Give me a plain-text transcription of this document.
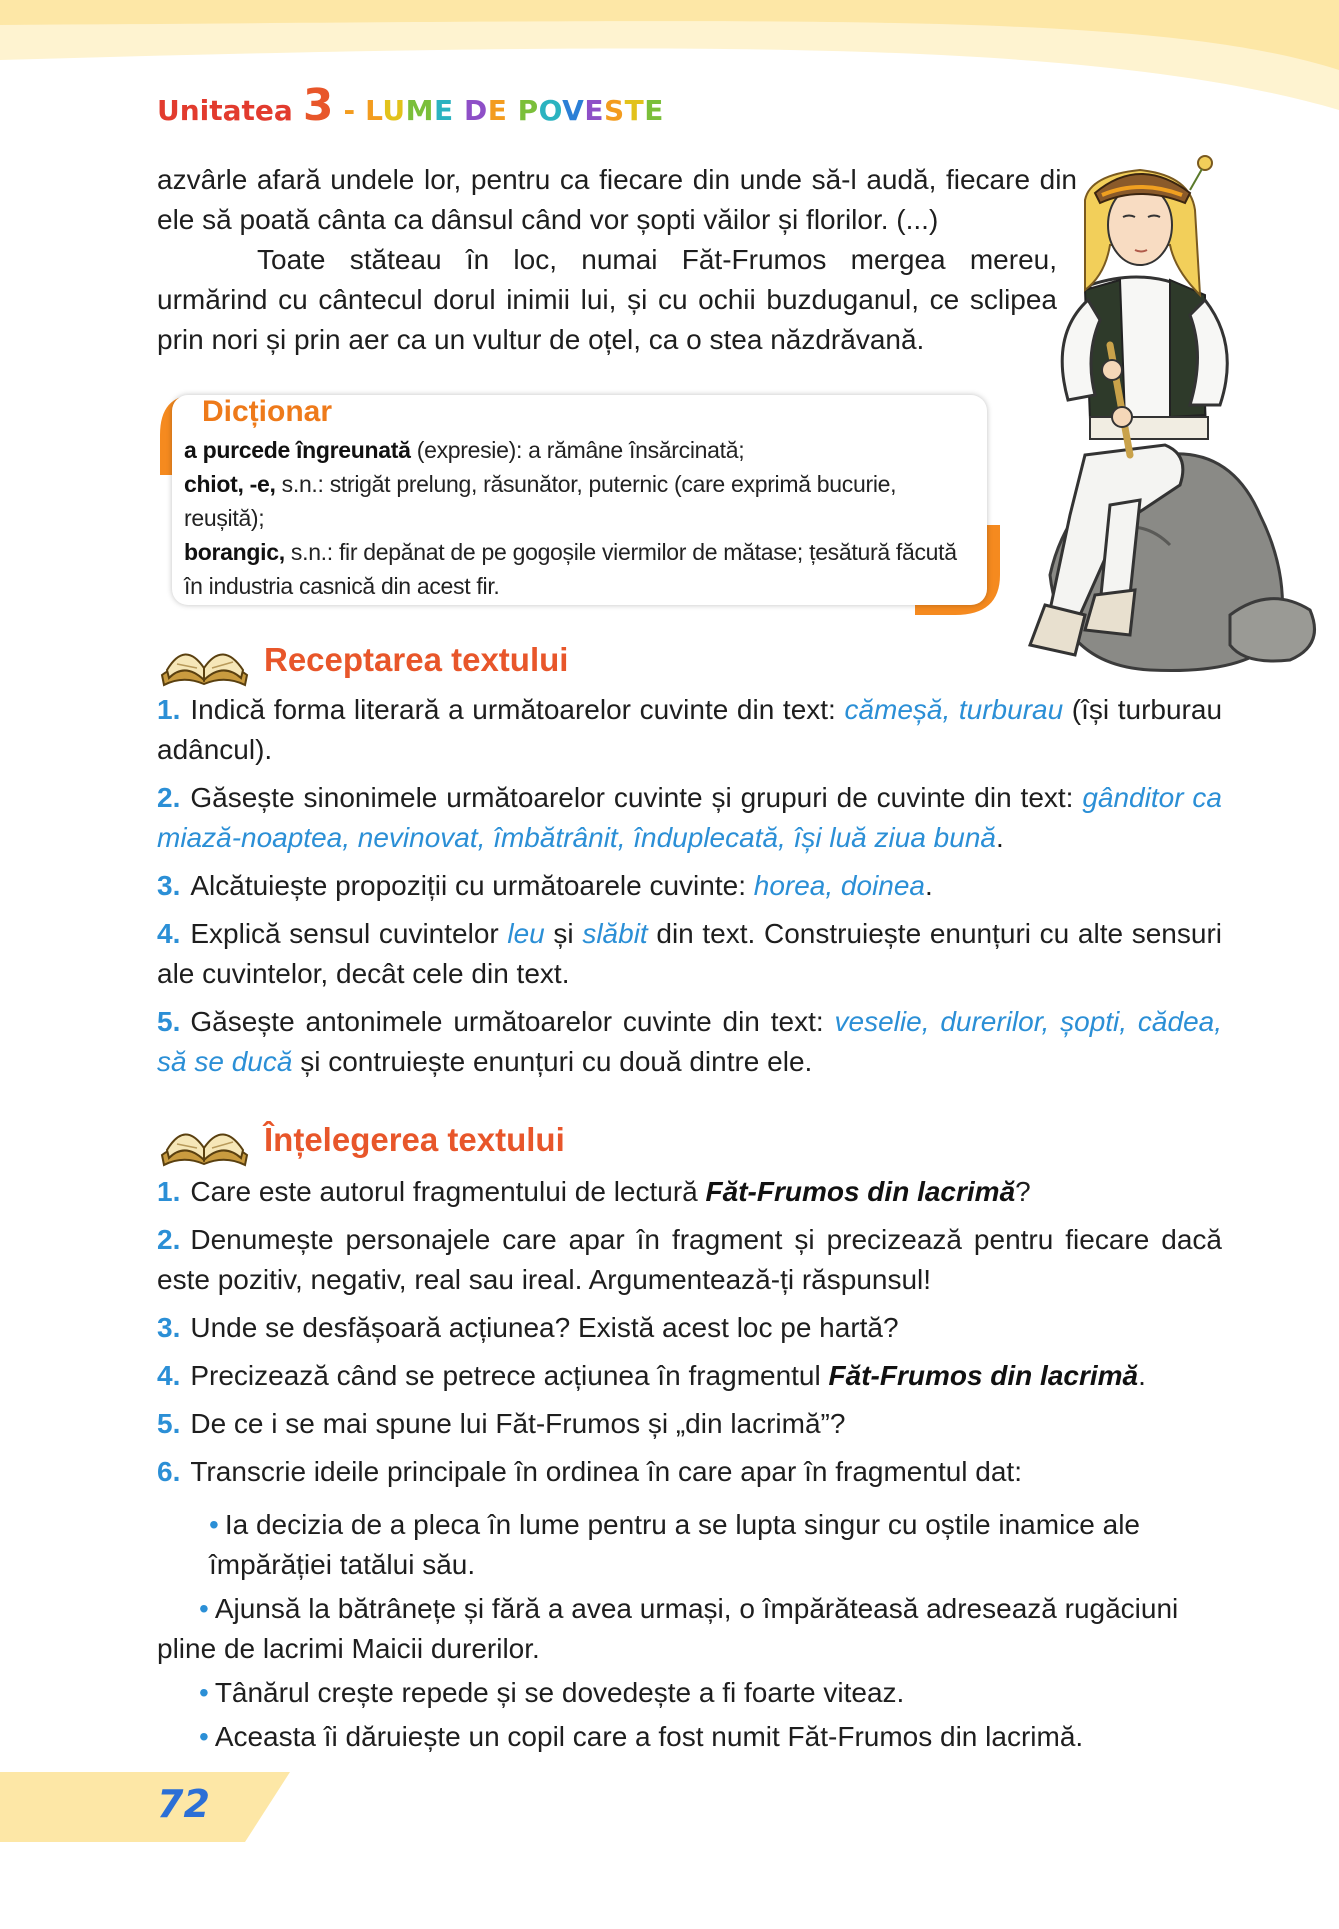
Unitatea 3 - LUME DE POVESTE

azvârle afară undele lor, pentru ca fiecare din unde să-l audă, fiecare din ele să poată cânta ca dânsul când vor șopti văilor și florilor. (...)

Toate stăteau în loc, numai Făt-Frumos mergea mereu, urmărind cu cântecul dorul inimii lui, și cu ochii buzduganul, ce sclipea prin nori și prin aer ca un vultur de oțel, ca o stea năzdrăvană.

Dicționar

a purcede îngreunată (expresie): a rămâne însărcinată;

chiot, -e, s.n.: strigăt prelung, răsunător, puternic (care exprimă bucurie, reușită);

borangic, s.n.: fir depănat de pe gogoșile viermilor de mătase; țesătură făcută în industria casnică din acest fir.

Receptarea textului

1. Indică forma literară a următoarelor cuvinte din text: cămeșă, turburau (își turburau adâncul).

2. Găsește sinonimele următoarelor cuvinte și grupuri de cuvinte din text: gânditor ca miază-noaptea, nevinovat, îmbătrânit, înduplecată, își luă ziua bună.

3. Alcătuiește propoziții cu următoarele cuvinte: horea, doinea.

4. Explică sensul cuvintelor leu și slăbit din text. Construiește enunțuri cu alte sensuri ale cuvintelor, decât cele din text.

5. Găsește antonimele următoarelor cuvinte din text: veselie, durerilor, șopti, cădea, să se ducă și contruiește enunțuri cu două dintre ele.

Înțelegerea textului

1. Care este autorul fragmentului de lectură Făt-Frumos din lacrimă?

2. Denumește personajele care apar în fragment și precizează pentru fiecare dacă este pozitiv, negativ, real sau ireal. Argumentează-ți răspunsul!

3. Unde se desfășoară acțiunea? Există acest loc pe hartă?

4. Precizează când se petrece acțiunea în fragmentul Făt-Frumos din lacrimă.

5. De ce i se mai spune lui Făt-Frumos și „din lacrimă”?

6. Transcrie ideile principale în ordinea în care apar în fragmentul dat:

• Ia decizia de a pleca în lume pentru a se lupta singur cu oștile inamice ale împărăției tatălui său.

• Ajunsă la bătrânețe și fără a avea urmași, o împărăteasă adresează rugăciuni pline de lacrimi Maicii durerilor.

• Tânărul crește repede și se dovedește a fi foarte viteaz.

• Aceasta îi dăruiește un copil care a fost numit Făt-Frumos din lacrimă.

72
